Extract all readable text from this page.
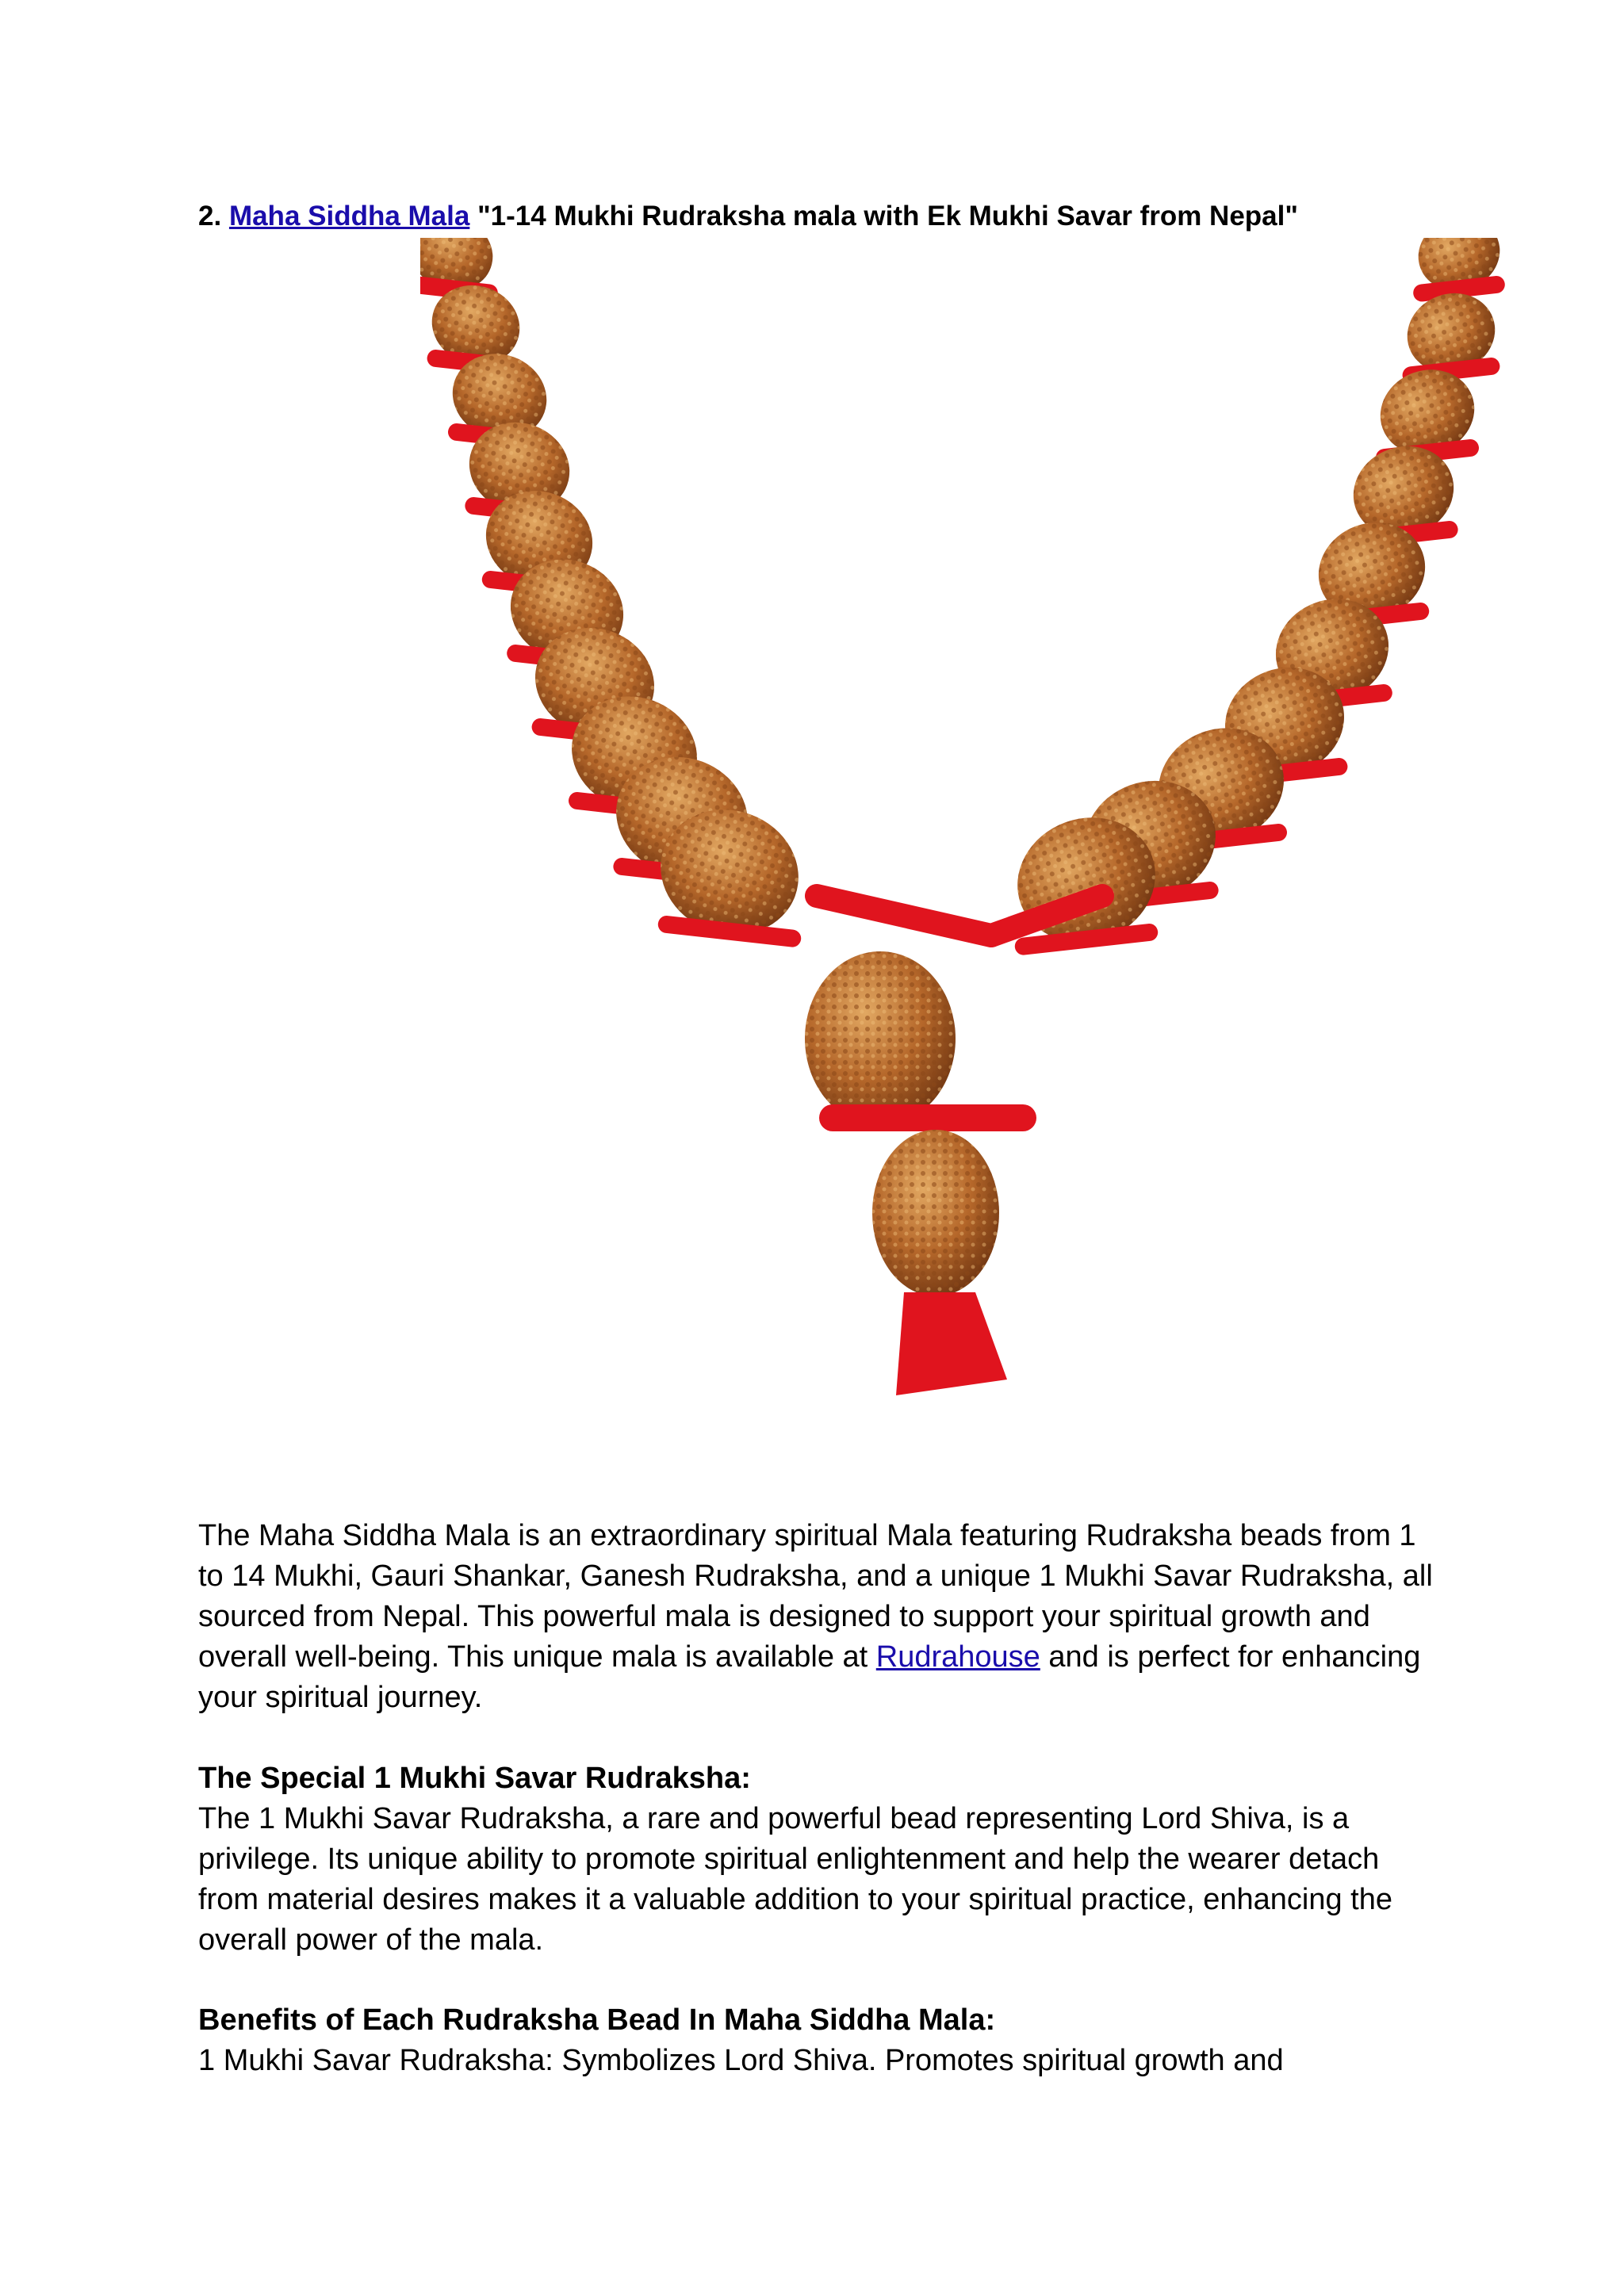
2. Maha Siddha Mala "1-14 Mukhi Rudraksha mala with Ek Mukhi Savar from Nepal"
The Maha Siddha Mala is an extraordinary spiritual Mala featuring Rudraksha beads from 1 to 14 Mukhi, Gauri Shankar, Ganesh Rudraksha, and a unique 1 Mukhi Savar Rudraksha, all sourced from Nepal. This powerful mala is designed to support your spiritual growth and overall well-being. This unique mala is available at Rudrahouse and is perfect for enhancing your spiritual journey.
The Special 1 Mukhi Savar Rudraksha:
The 1 Mukhi Savar Rudraksha, a rare and powerful bead representing Lord Shiva, is a privilege. Its unique ability to promote spiritual enlightenment and help the wearer detach from material desires makes it a valuable addition to your spiritual practice, enhancing the overall power of the mala.
Benefits of Each Rudraksha Bead In Maha Siddha Mala:
1 Mukhi Savar Rudraksha: Symbolizes Lord Shiva. Promotes spiritual growth and
